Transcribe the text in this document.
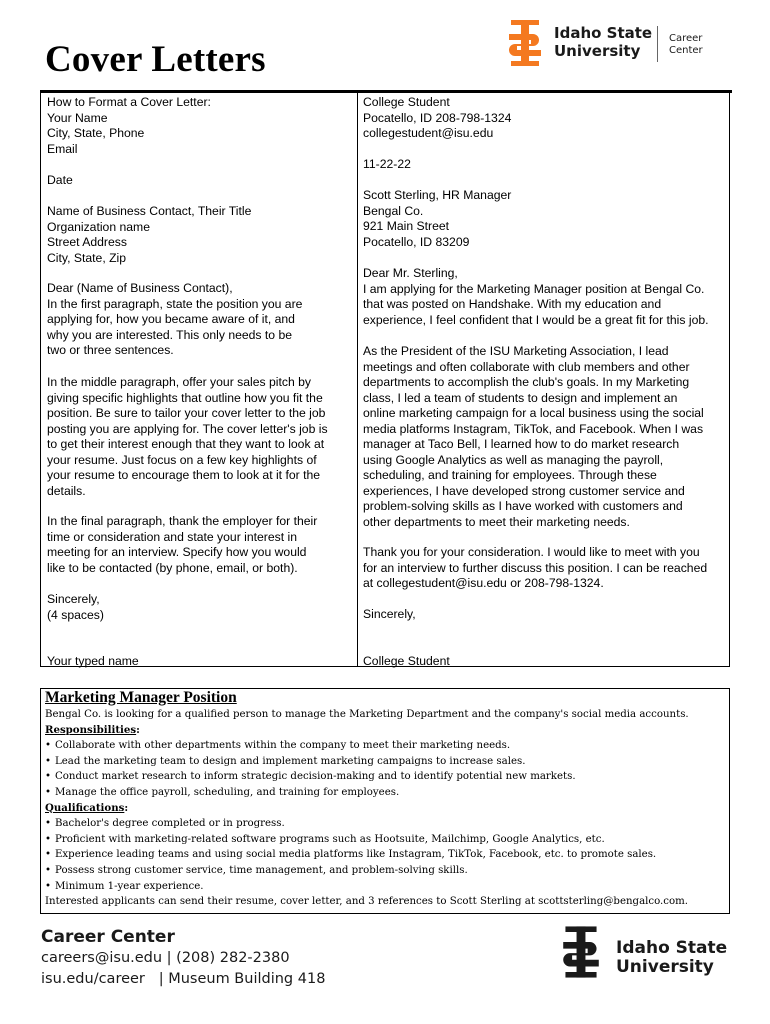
Cover Letters
Idaho State
University
Career
Center

How to Format a Cover Letter:

Your Name
City, State, Phone
Email

Date

Name of Business Contact, Their Title
Organization name
Street Address
City, State, Zip

Dear (Name of Business Contact),
In the first paragraph, state the position you are
applying for, how you became aware of it, and
why you are interested. This only needs to be
two or three sentences.

In the middle paragraph, offer your sales pitch by
giving specific highlights that outline how you fit the
position. Be sure to tailor your cover letter to the job
posting you are applying for. The cover letter's job is
to get their interest enough that they want to look at
your resume. Just focus on a few key highlights of
your resume to encourage them to look at it for the
details.

In the final paragraph, thank the employer for their
time or consideration and state your interest in
meeting for an interview. Specify how you would
like to be contacted (by phone, email, or both).

Sincerely,
(4 spaces)

Your typed name

College Student
Pocatello, ID 208-798-1324
collegestudent@isu.edu

11-22-22

Scott Sterling, HR Manager
Bengal Co.
921 Main Street
Pocatello, ID 83209

Dear Mr. Sterling,
I am applying for the Marketing Manager position at Bengal Co.
that was posted on Handshake. With my education and
experience, I feel confident that I would be a great fit for this job.

As the President of the ISU Marketing Association, I lead
meetings and often collaborate with club members and other
departments to accomplish the club's goals. In my Marketing
class, I led a team of students to design and implement an
online marketing campaign for a local business using the social
media platforms Instagram, TikTok, and Facebook. When I was
manager at Taco Bell, I learned how to do market research
using Google Analytics as well as managing the payroll,
scheduling, and training for employees. Through these
experiences, I have developed strong customer service and
problem-solving skills as I have worked with customers and
other departments to meet their marketing needs.

Thank you for your consideration. I would like to meet with you
for an interview to further discuss this position. I can be reached
at collegestudent@isu.edu or 208-798-1324.

Sincerely,

College Student

Marketing Manager Position
Bengal Co. is looking for a qualified person to manage the Marketing Department and the company's social media accounts.
Responsibilities:
• Collaborate with other departments within the company to meet their marketing needs.
• Lead the marketing team to design and implement marketing campaigns to increase sales.
• Conduct market research to inform strategic decision-making and to identify potential new markets.
• Manage the office payroll, scheduling, and training for employees.
Qualifications:
• Bachelor's degree completed or in progress.
• Proficient with marketing-related software programs such as Hootsuite, Mailchimp, Google Analytics, etc.
• Experience leading teams and using social media platforms like Instagram, TikTok, Facebook, etc. to promote sales.
• Possess strong customer service, time management, and problem-solving skills.
• Minimum 1-year experience.
Interested applicants can send their resume, cover letter, and 3 references to Scott Sterling at scottsterling@bengalco.com.
Career Center
careers@isu.edu | (208) 282-2380
isu.edu/career   | Museum Building 418
Idaho State
University
